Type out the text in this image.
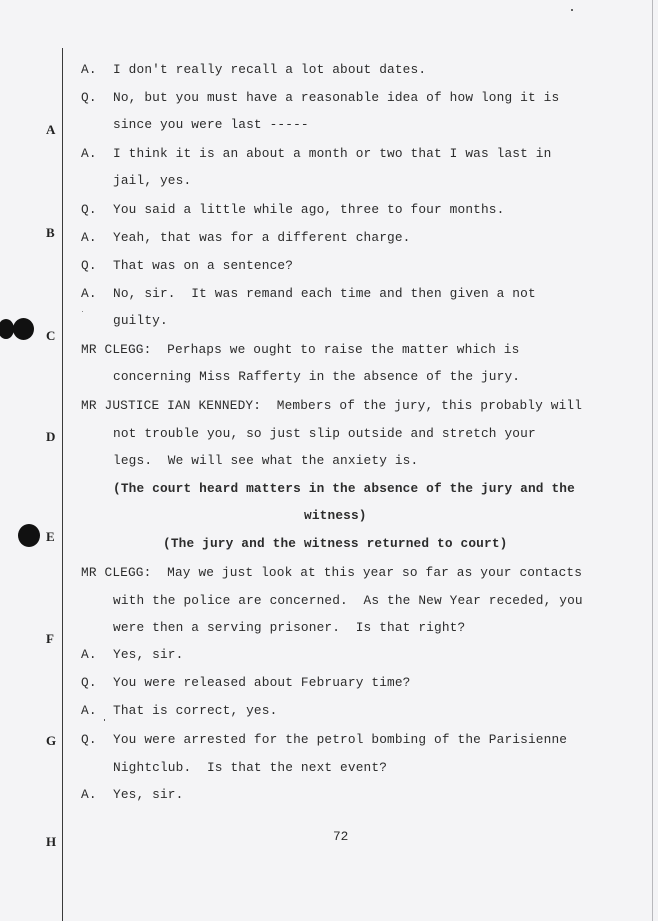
A
B
C
D
E
F
G
H
A. I don't really recall a lot about dates.
Q. No, but you must have a reasonable idea of how long it is
since you were last -----
A. I think it is an about a month or two that I was last in
jail, yes.
Q. You said a little while ago, three to four months.
A. Yeah, that was for a different charge.
Q. That was on a sentence?
A. No, sir.  It was remand each time and then given a not
guilty.
MR CLEGG:  Perhaps we ought to raise the matter which is
concerning Miss Rafferty in the absence of the jury.
MR JUSTICE IAN KENNEDY:  Members of the jury, this probably will
not trouble you, so just slip outside and stretch your
legs.  We will see what the anxiety is.
(The court heard matters in the absence of the jury and the
witness)
(The jury and the witness returned to court)
MR CLEGG:  May we just look at this year so far as your contacts
with the police are concerned.  As the New Year receded, you
were then a serving prisoner.  Is that right?
A. Yes, sir.
Q. You were released about February time?
A. That is correct, yes.
Q. You were arrested for the petrol bombing of the Parisienne
Nightclub.  Is that the next event?
A. Yes, sir.
72
